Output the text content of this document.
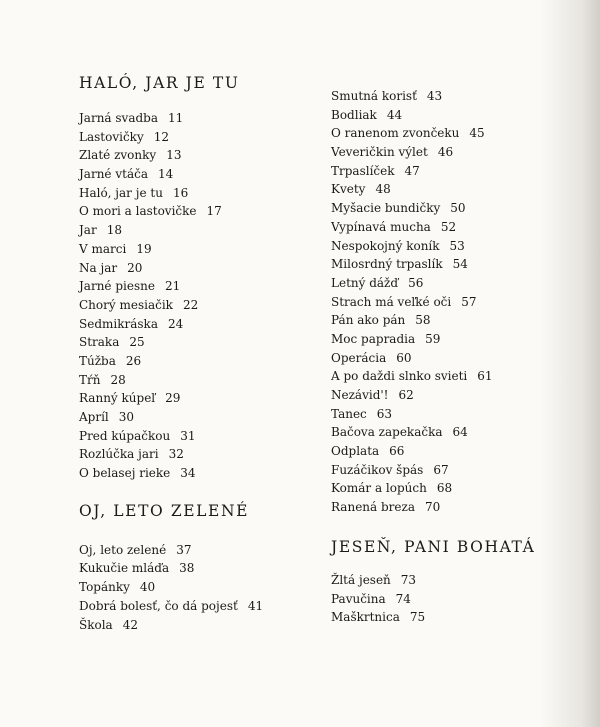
HALÓ, JAR JE TU
Jarná svadba 11
Lastovičky 12
Zlaté zvonky 13
Jarné vtáča 14
Haló, jar je tu 16
O mori a lastovičke 17
Jar 18
V marci 19
Na jar 20
Jarné piesne 21
Chorý mesiačik 22
Sedmikráska 24
Straka 25
Túžba 26
Tŕň 28
Ranný kúpeľ 29
Apríl 30
Pred kúpačkou 31
Rozlúčka jari 32
O belasej rieke 34
OJ, LETO ZELENÉ
Oj, leto zelené 37
Kukučie mláďa 38
Topánky 40
Dobrá bolesť, čo dá pojesť 41
Škola 42
Smutná korisť 43
Bodliak 44
O ranenom zvončeku 45
Veveričkin výlet 46
Trpaslíček 47
Kvety 48
Myšacie bundičky 50
Vypínavá mucha 52
Nespokojný koník 53
Milosrdný trpaslík 54
Letný dážď 56
Strach má veľké oči 57
Pán ako pán 58
Moc papradia 59
Operácia 60
A po daždi slnko svieti 61
Nezávid'! 62
Tanec 63
Bačova zapekačka 64
Odplata 66
Fuzáčikov špás 67
Komár a lopúch 68
Ranená breza 70
JESEŇ, PANI BOHATÁ
Žltá jeseň 73
Pavučina 74
Maškrtnica 75
